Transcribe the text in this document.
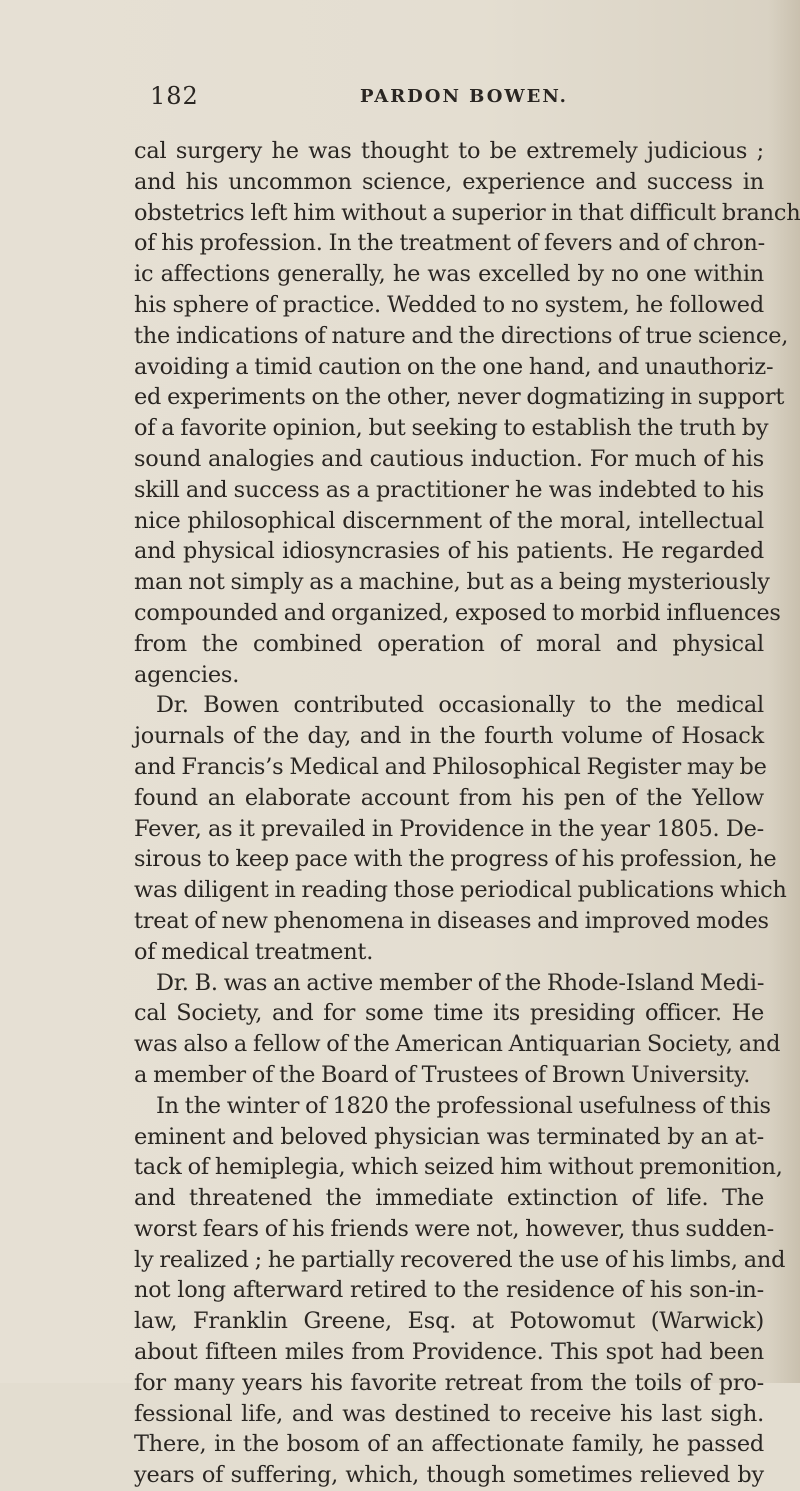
182	PARDON BOWEN.
cal surgery he was thought to be extremely judicious ;
and his uncommon science, experience and success in
obstetrics left him without a superior in that difficult branch
of his profession. In the treatment of fevers and of chron-
ic affections generally, he was excelled by no one within
his sphere of practice. Wedded to no system, he followed
the indications of nature and the directions of true science,
avoiding a timid caution on the one hand, and unauthoriz-
ed experiments on the other, never dogmatizing in support
of a favorite opinion, but seeking to establish the truth by
sound analogies and cautious induction. For much of his
skill and success as a practitioner he was indebted to his
nice philosophical discernment of the moral, intellectual
and physical idiosyncrasies of his patients. He regarded
man not simply as a machine, but as a being mysteriously
compounded and organized, exposed to morbid influences
from the combined operation of moral and physical
agencies.
Dr. Bowen contributed occasionally to the medical
journals of the day, and in the fourth volume of Hosack
and Francis’s Medical and Philosophical Register may be
found an elaborate account from his pen of the Yellow
Fever, as it prevailed in Providence in the year 1805. De-
sirous to keep pace with the progress of his profession, he
was diligent in reading those periodical publications which
treat of new phenomena in diseases and improved modes
of medical treatment.
Dr. B. was an active member of the Rhode-Island Medi-
cal Society, and for some time its presiding officer. He
was also a fellow of the American Antiquarian Society, and
a member of the Board of Trustees of Brown University.
In the winter of 1820 the professional usefulness of this
eminent and beloved physician was terminated by an at-
tack of hemiplegia, which seized him without premonition,
and threatened the immediate extinction of life. The
worst fears of his friends were not, however, thus sudden-
ly realized ; he partially recovered the use of his limbs, and
not long afterward retired to the residence of his son-in-
law, Franklin Greene, Esq. at Potowomut (Warwick)
about fifteen miles from Providence. This spot had been
for many years his favorite retreat from the toils of pro-
fessional life, and was destined to receive his last sigh.
There, in the bosom of an affectionate family, he passed
years of suffering, which, though sometimes relieved by
